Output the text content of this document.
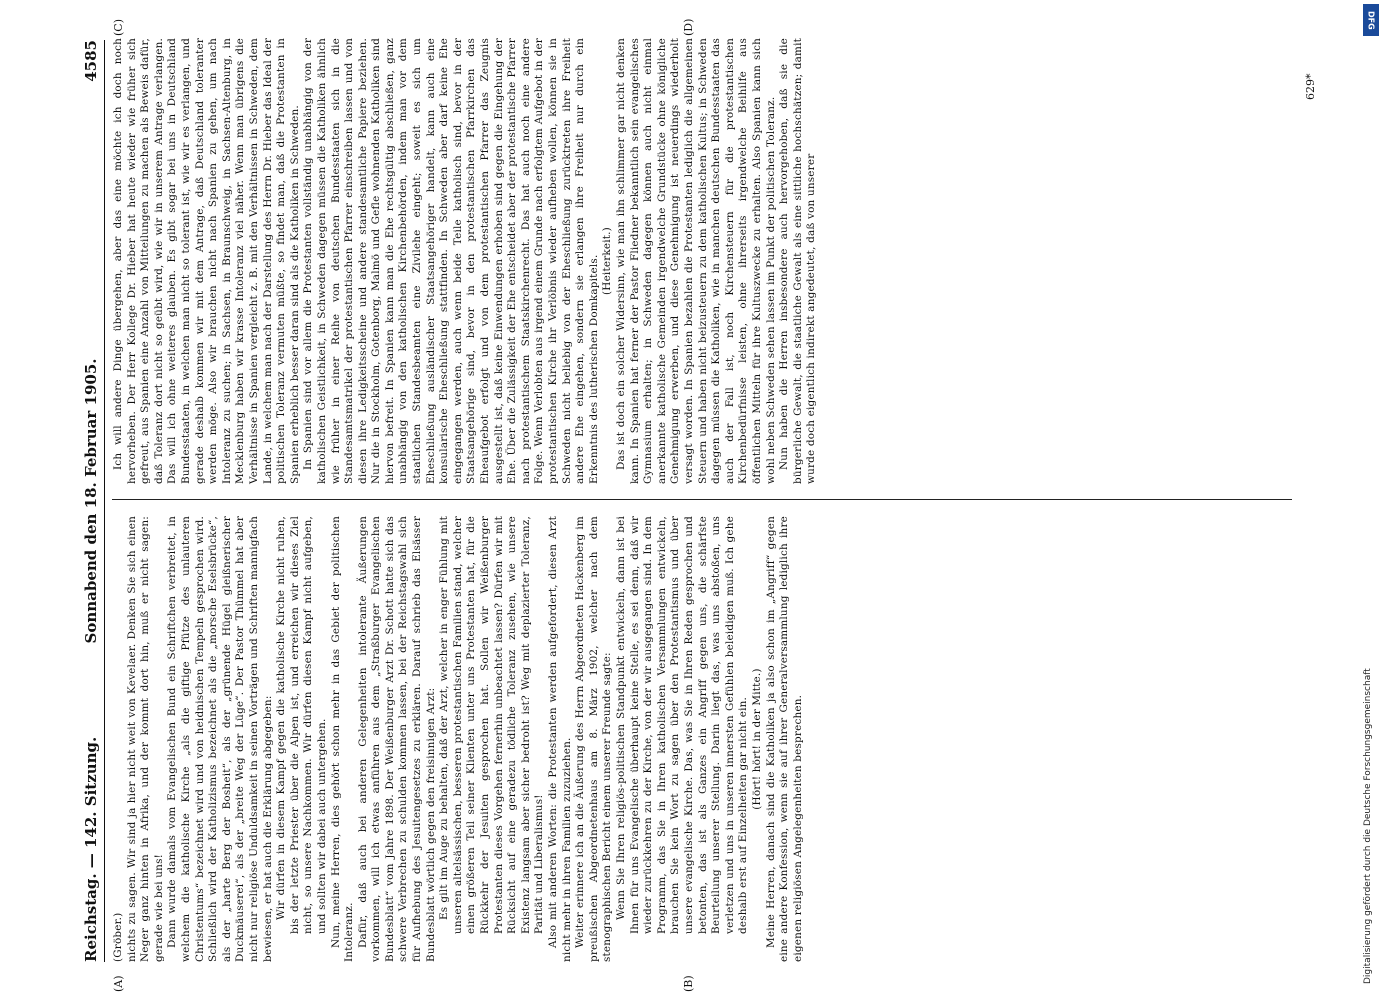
DFG
Digitalisierung gefördert durch die Deutsche Forschungsgemeinschaft
Reichstag. — 142. Sitzung.
Sonnabend den 18. Februar 1905.
4585
(A)	(B)
(C)	(D)

(Gröber.) nichts zu sagen. Wir sind ja hier nicht weit von Kevelaer. Denken Sie sich einen Neger ganz hinten in Afrika, und der kommt dort hin, muß er nicht sagen: gerade wie bei uns! Dann wurde damals vom Evangelischen Bund ein Schriftchen verbreitet, in welchem die katholische Kirche „als die giftige Pfütze des unlauteren Christentums“ bezeichnet wird und von heidnischen Tempeln gesprochen wird. Schließlich wird der Katholizismus bezeichnet als die „morsche Eselsbrücke“, als der „harte Berg der Bosheit“, als der „grünende Hügel gleißnerischer Duckmäuserei“, als der „breite Weg der Lüge“. Der Pastor Thümmel hat aber nicht nur religiöse Unduldsamkeit in seinen Vorträgen und Schriften mannigfach bewiesen, er hat auch die Erklärung abgegeben: Wir dürfen in diesem Kampf gegen die katholische Kirche nicht ruhen, bis der letzte Priester über die Alpen ist, und erreichen wir dieses Ziel nicht, so unsere Nachkommen. Wir dürfen diesen Kampf nicht aufgeben, und sollten wir dabei auch untergehen. Nun, meine Herren, dies gehört schon mehr in das Gebiet der politischen Intoleranz. Dafür, daß auch bei anderen Gelegenheiten intolerante Äußerungen vorkommen, will ich etwas anführen aus dem „Straßburger Evangelischen Bundesblatt“ vom Jahre 1898. Der Weißenburger Arzt Dr. Schott hatte sich das schwere Verbrechen zu schulden kommen lassen, bei der Reichstagswahl sich für Aufhebung des Jesuitengesetzes zu erklären. Darauf schrieb das Elsässer Bundesblatt wörtlich gegen den freisinnigen Arzt: Es gilt im Auge zu behalten, daß der Arzt, welcher in enger Fühlung mit unseren altelsässischen, besseren protestantischen Familien stand, welcher einen größeren Teil seiner Klienten unter uns Protestanten hat, für die Rückkehr der Jesuiten gesprochen hat. Sollen wir Weißenburger Protestanten dieses Vorgehen fernerhin unbeachtet lassen? Dürfen wir mit Rücksicht auf eine geradezu tödliche Toleranz zusehen, wie unsere Existenz langsam aber sicher bedroht ist? Weg mit deplazierter Toleranz, Parität und Liberalismus! Also mit anderen Worten: die Protestanten werden aufgefordert, diesen Arzt nicht mehr in ihren Familien zuzuziehen. Weiter erinnere ich an die Äußerung des Herrn Abgeordneten Hackenberg im preußischen Abgeordnetenhaus am 8. März 1902, welcher nach dem stenographischen Bericht einem unserer Freunde sagte: Wenn Sie Ihren religiös-politischen Standpunkt entwickeln, dann ist bei Ihnen für uns Evangelische überhaupt keine Stelle, es sei denn, daß wir wieder zurückkehren zu der Kirche, von der wir ausgegangen sind. In dem Programm, das Sie in Ihren katholischen Versammlungen entwickeln, brauchen Sie kein Wort zu sagen über den Protestantismus und über unsere evangelische Kirche. Das, was Sie in Ihren Reden gesprochen und betonten, das ist als Ganzes ein Angriff gegen uns, die schärfste Beurteilung unserer Stellung. Darin liegt das, was uns abstoßen, uns verletzen und uns in unseren innersten Gefühlen beleidigen muß. Ich gehe deshalb erst auf Einzelheiten gar nicht ein. (Hört! hört! in der Mitte.) Meine Herren, danach sind die Katholiken ja also schon im „Angriff“ gegen eine andere Konfession, wenn sie auf ihrer Generalversammlung lediglich ihre eigenen religiösen Angelegenheiten besprechen.

Ich will andere Dinge übergehen, aber das eine möchte ich doch noch hervorheben. Der Herr Kollege Dr. Hieber hat heute wieder wie früher sich gefreut, aus Spanien eine Anzahl von Mitteilungen zu machen als Beweis dafür, daß Toleranz dort nicht so geübt wird, wie wir in unserem Antrage verlangen. Das will ich ohne weiteres glauben. Es gibt sogar bei uns in Deutschland Bundesstaaten, in welchen man nicht so tolerant ist, wie wir es verlangen, und gerade deshalb kommen wir mit dem Antrage, daß Deutschland toleranter werden möge. Also wir brauchen nicht nach Spanien zu gehen, um nach Intoleranz zu suchen; in Sachsen, in Braunschweig, in Sachsen-Altenburg, in Mecklenburg haben wir krasse Intoleranz viel näher. Wenn man übrigens die Verhältnisse in Spanien vergleicht z. B. mit den Verhältnissen in Schweden, dem Lande, in welchem man nach der Darstellung des Herrn Dr. Hieber das Ideal der politischen Toleranz vermuten müßte, so findet man, daß die Protestanten in Spanien erheblich besser daran sind als die Katholiken in Schweden. In Spanien sind vor allem die Protestanten vollständig unabhängig von der katholischen Geistlichkeit, in Schweden dagegen müssen die Katholiken ähnlich wie früher in einer Reihe von deutschen Bundesstaaten sich in die Standesamtsmatrikel der protestantischen Pfarrer einschreiben lassen und von diesen ihre Ledigkeitsscheine und andere standesamtliche Papiere beziehen. Nur die in Stockholm, Gotenborg, Malmö und Gefle wohnenden Katholiken sind hiervon befreit. In Spanien kann man die Ehe rechtsgültig abschließen, ganz unabhängig von den katholischen Kirchenbehörden, indem man vor dem staatlichen Standesbeamten eine Zivilehe eingeht; soweit es sich um Eheschließung ausländischer Staatsangehöriger handelt, kann auch eine konsularische Eheschließung stattfinden. In Schweden aber darf keine Ehe eingegangen werden, auch wenn beide Teile katholisch sind, bevor in der Staatsangehörige sind, bevor in den protestantischen Pfarrkirchen das Eheaufgebot erfolgt und von dem protestantischen Pfarrer das Zeugnis ausgestellt ist, daß keine Einwendungen erhoben sind gegen die Eingehung der Ehe. Über die Zulässigkeit der Ehe entscheidet aber der protestantische Pfarrer nach protestantischem Staatskirchenrecht. Das hat auch noch eine andere Folge. Wenn Verlobten aus irgend einem Grunde nach erfolgtem Aufgebot in der protestantischen Kirche ihr Verlöbnis wieder aufheben wollen, können sie in Schweden nicht beliebig von der Eheschließung zurücktreten ihre Freiheit andere Ehe eingehen, sondern sie erlangen ihre Freiheit nur durch ein Erkenntnis des lutherischen Domkapitels. (Heiterkeit.) Das ist doch ein solcher Widersinn, wie man ihn schlimmer gar nicht denken kann. In Spanien hat ferner der Pastor Fliedner bekanntlich sein evangelisches Gymnasium erhalten; in Schweden dagegen können auch nicht einmal anerkannte katholische Gemeinden irgendwelche Grundstücke ohne königliche Genehmigung erwerben, und diese Genehmigung ist neuerdings wiederholt versagt worden. In Spanien bezahlen die Protestanten lediglich die allgemeinen Steuern und haben nicht beizusteuern zu dem katholischen Kultus; in Schweden dagegen müssen die Katholiken, wie in manchen deutschen Bundesstaaten das auch der Fall ist, noch Kirchensteuern für die protestantischen Kirchenbedürfnisse leisten, ohne ihrerseits irgendwelche Beihilfe aus öffentlichen Mitteln für ihre Kultuszwecke zu erhalten. Also Spanien kann sich wohl neben Schweden sehen lassen im Punkt der politischen Toleranz. Nun haben die Herren insbesondere auch hervorgehoben, daß sie die bürgerliche Gewalt, die staatliche Gewalt als eine sittliche hochschätzen; damit wurde doch eigentlich indirekt angedeutet, daß von unserer

629*
